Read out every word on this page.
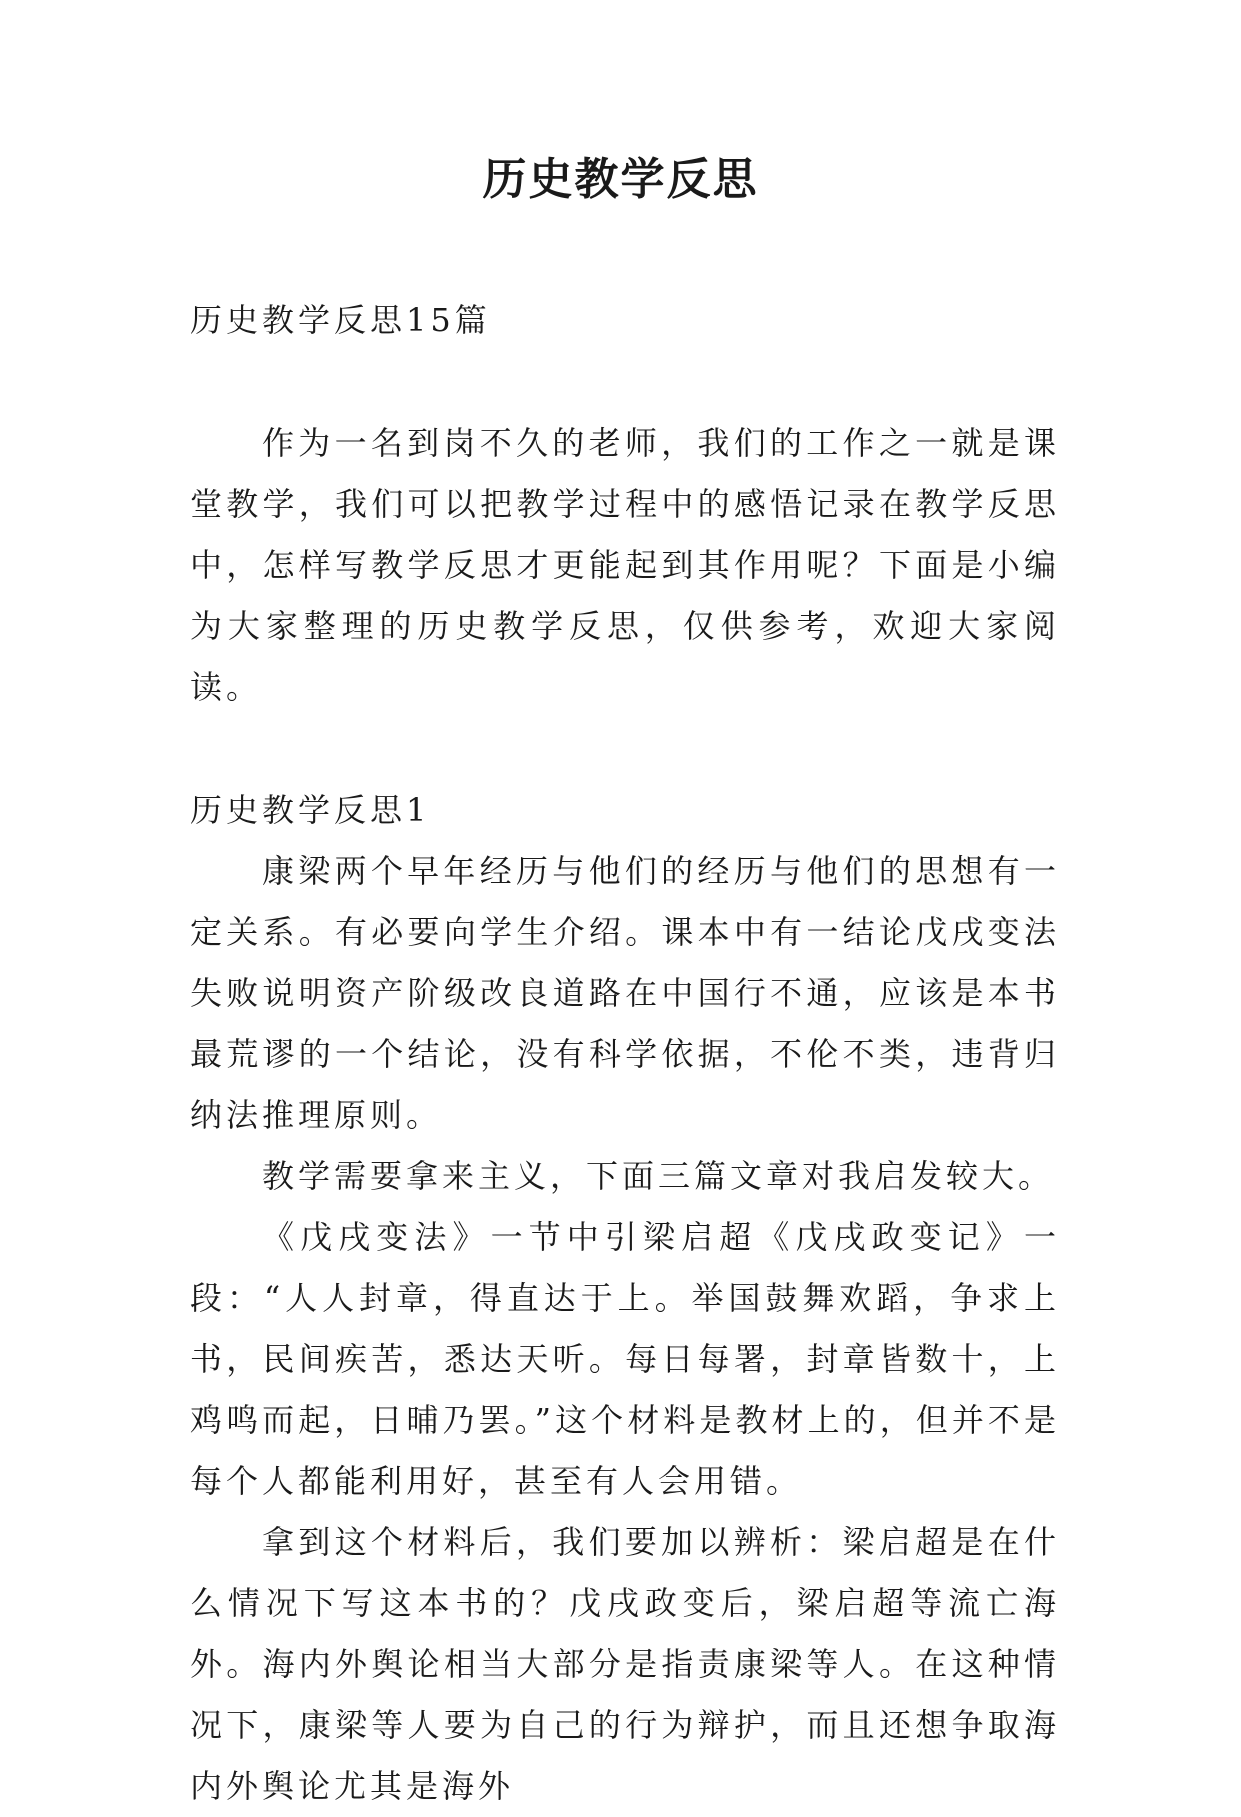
历史教学反思

历史教学反思15篇

作为一名到岗不久的老师，我们的工作之一就是课堂教学，我们可以把教学过程中的感悟记录在教学反思中，怎样写教学反思才更能起到其作用呢？下面是小编为大家整理的历史教学反思，仅供参考，欢迎大家阅读。

历史教学反思1

康梁两个早年经历与他们的经历与他们的思想有一定关系。有必要向学生介绍。课本中有一结论戊戌变法失败说明资产阶级改良道路在中国行不通，应该是本书最荒谬的一个结论，没有科学依据，不伦不类，违背归纳法推理原则。

教学需要拿来主义，下面三篇文章对我启发较大。

《戊戌变法》一节中引梁启超《戊戌政变记》一段：“人人封章，得直达于上。举国鼓舞欢蹈，争求上书，民间疾苦，悉达天听。每日每署，封章皆数十，上鸡鸣而起，日晡乃罢。”这个材料是教材上的，但并不是每个人都能利用好，甚至有人会用错。

拿到这个材料后，我们要加以辨析：梁启超是在什么情况下写这本书的？戊戌政变后，梁启超等流亡海外。海内外舆论相当大部分是指责康梁等人。在这种情况下，康梁等人要为自己的行为辩护，而且还想争取海内外舆论尤其是海外
